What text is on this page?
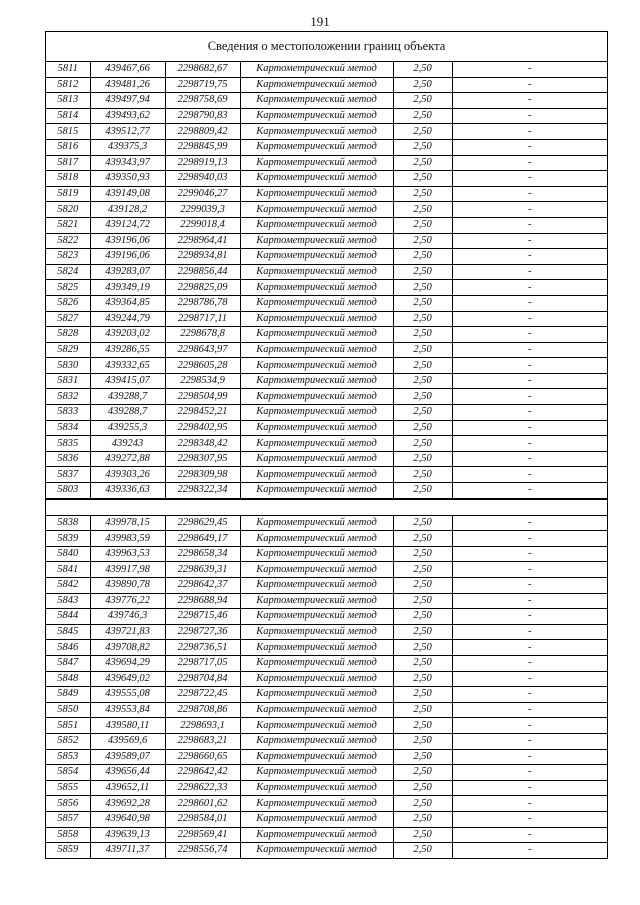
191
Сведения о местоположении границ объекта
5811	439467,66	2298682,67	Картометрический метод	2,50	-
5812	439481,26	2298719,75	Картометрический метод	2,50	-
5813	439497,94	2298758,69	Картометрический метод	2,50	-
5814	439493,62	2298790,83	Картометрический метод	2,50	-
5815	439512,77	2298809,42	Картометрический метод	2,50	-
5816	439375,3	2298845,99	Картометрический метод	2,50	-
5817	439343,97	2298919,13	Картометрический метод	2,50	-
5818	439350,93	2298940,03	Картометрический метод	2,50	-
5819	439149,08	2299046,27	Картометрический метод	2,50	-
5820	439128,2	2299039,3	Картометрический метод	2,50	-
5821	439124,72	2299018,4	Картометрический метод	2,50	-
5822	439196,06	2298964,41	Картометрический метод	2,50	-
5823	439196,06	2298934,81	Картометрический метод	2,50	-
5824	439283,07	2298856,44	Картометрический метод	2,50	-
5825	439349,19	2298825,09	Картометрический метод	2,50	-
5826	439364,85	2298786,78	Картометрический метод	2,50	-
5827	439244,79	2298717,11	Картометрический метод	2,50	-
5828	439203,02	2298678,8	Картометрический метод	2,50	-
5829	439286,55	2298643,97	Картометрический метод	2,50	-
5830	439332,65	2298605,28	Картометрический метод	2,50	-
5831	439415,07	2298534,9	Картометрический метод	2,50	-
5832	439288,7	2298504,99	Картометрический метод	2,50	-
5833	439288,7	2298452,21	Картометрический метод	2,50	-
5834	439255,3	2298402,95	Картометрический метод	2,50	-
5835	439243	2298348,42	Картометрический метод	2,50	-
5836	439272,88	2298307,95	Картометрический метод	2,50	-
5837	439303,26	2298309,98	Картометрический метод	2,50	-
5803	439336,63	2298322,34	Картометрический метод	2,50	-
5838	439978,15	2298629,45	Картометрический метод	2,50	-
5839	439983,59	2298649,17	Картометрический метод	2,50	-
5840	439963,53	2298658,34	Картометрический метод	2,50	-
5841	439917,98	2298639,31	Картометрический метод	2,50	-
5842	439890,78	2298642,37	Картометрический метод	2,50	-
5843	439776,22	2298688,94	Картометрический метод	2,50	-
5844	439746,3	2298715,46	Картометрический метод	2,50	-
5845	439721,83	2298727,36	Картометрический метод	2,50	-
5846	439708,82	2298736,51	Картометрический метод	2,50	-
5847	439694,29	2298717,05	Картометрический метод	2,50	-
5848	439649,02	2298704,84	Картометрический метод	2,50	-
5849	439555,08	2298722,45	Картометрический метод	2,50	-
5850	439553,84	2298708,86	Картометрический метод	2,50	-
5851	439580,11	2298693,1	Картометрический метод	2,50	-
5852	439569,6	2298683,21	Картометрический метод	2,50	-
5853	439589,07	2298660,65	Картометрический метод	2,50	-
5854	439656,44	2298642,42	Картометрический метод	2,50	-
5855	439652,11	2298622,33	Картометрический метод	2,50	-
5856	439692,28	2298601,62	Картометрический метод	2,50	-
5857	439640,98	2298584,01	Картометрический метод	2,50	-
5858	439639,13	2298569,41	Картометрический метод	2,50	-
5859	439711,37	2298556,74	Картометрический метод	2,50	-
